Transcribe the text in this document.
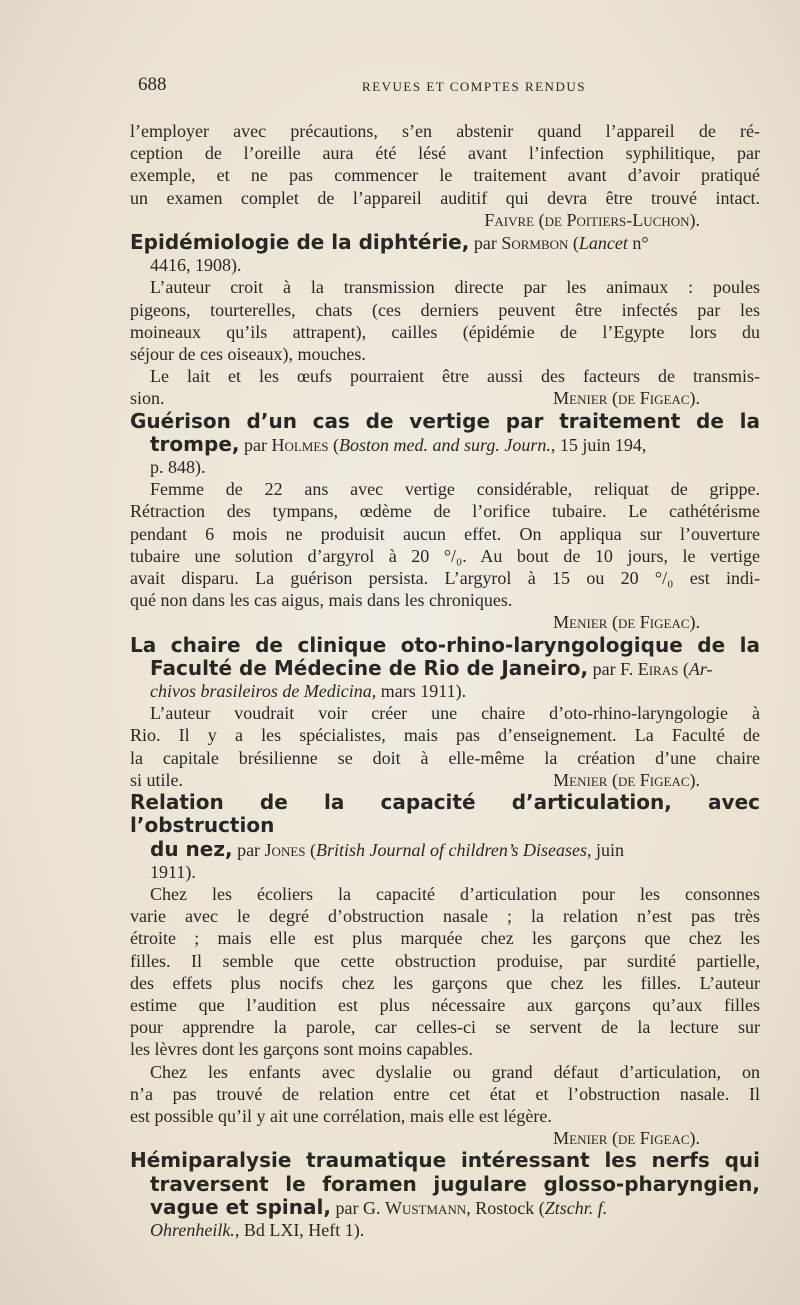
688	REVUES ET COMPTES RENDUS

l’employer avec précautions, s’en abstenir quand l’appareil de ré-

ception de l’oreille aura été lésé avant l’infection syphilitique, par

exemple, et ne pas commencer le traitement avant d’avoir pratiqué

un examen complet de l’appareil auditif qui devra être trouvé intact.

Faivre (de Poitiers-Luchon).

Epidémiologie de la diphtérie, par Sormbon (Lancet n°

4416, 1908).

L’auteur croit à la transmission directe par les animaux : poules

pigeons, tourterelles, chats (ces derniers peuvent être infectés par les

moineaux qu’ils attrapent), cailles (épidémie de l’Egypte lors du

séjour de ces oiseaux), mouches.

Le lait et les œufs pourraient être aussi des facteurs de transmis-

sion.	Menier (de Figeac).

Guérison d’un cas de vertige par traitement de la

trompe, par Holmes (Boston med. and surg. Journ., 15 juin 194,

p. 848).

Femme de 22 ans avec vertige considérable, reliquat de grippe.

Rétraction des tympans, œdème de l’orifice tubaire. Le cathétérisme

pendant 6 mois ne produisit aucun effet. On appliqua sur l’ouverture

tubaire une solution d’argyrol à 20 °/₀. Au bout de 10 jours, le vertige

avait disparu. La guérison persista. L’argyrol à 15 ou 20 °/₀ est indi-

qué non dans les cas aigus, mais dans les chroniques.

Menier (de Figeac).

La chaire de clinique oto-rhino-laryngologique de la

Faculté de Médecine de Rio de Janeiro, par F. Eiras (Ar-

chivos brasileiros de Medicina, mars 1911).

L’auteur voudrait voir créer une chaire d’oto-rhino-laryngologie à

Rio. Il y a les spécialistes, mais pas d’enseignement. La Faculté de

la capitale brésilienne se doit à elle-même la création d’une chaire

si utile.	Menier (de Figeac).

Relation de la capacité d’articulation, avec l’obstruction

du nez, par Jones (British Journal of children’s Diseases, juin

1911).

Chez les écoliers la capacité d’articulation pour les consonnes

varie avec le degré d’obstruction nasale ; la relation n’est pas très

étroite ; mais elle est plus marquée chez les garçons que chez les

filles. Il semble que cette obstruction produise, par surdité partielle,

des effets plus nocifs chez les garçons que chez les filles. L’auteur

estime que l’audition est plus nécessaire aux garçons qu’aux filles

pour apprendre la parole, car celles-ci se servent de la lecture sur

les lèvres dont les garçons sont moins capables.

Chez les enfants avec dyslalie ou grand défaut d’articulation, on

n’a pas trouvé de relation entre cet état et l’obstruction nasale. Il

est possible qu’il y ait une corrélation, mais elle est légère.

Menier (de Figeac).

Hémiparalysie traumatique intéressant les nerfs qui

traversent le foramen jugulare glosso-pharyngien,

vague et spinal, par G. Wustmann, Rostock (Ztschr. f.

Ohrenheilk., Bd LXI, Heft 1).
